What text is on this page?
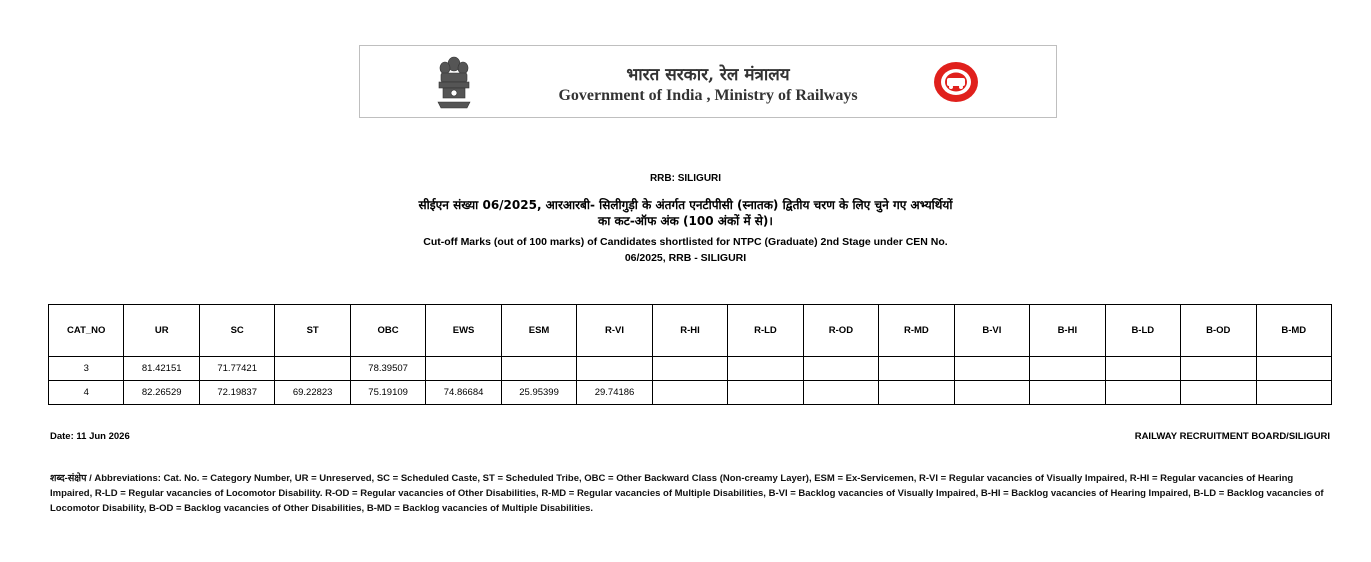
भारत सरकार, रेल मंत्रालय
Government of India , Ministry of Railways
RRB: SILIGURI
सीईएन संख्या 06/2025, आरआरबी- सिलीगुड़ी के अंतर्गत एनटीपीसी (स्नातक) द्वितीय चरण के लिए चुने गए अभ्यर्थियों
का कट-ऑफ अंक (100 अंकों में से)।
Cut-off Marks (out of 100 marks) of Candidates shortlisted for NTPC (Graduate) 2nd Stage under CEN No.
06/2025, RRB - SILIGURI
CAT_NO	UR	SC	ST	OBC	EWS	ESM	R-VI	R-HI	R-LD	R-OD	R-MD	B-VI	B-HI	B-LD	B-OD	B-MD
3	81.42151	71.77421		78.39507												
4	82.26529	72.19837	69.22823	75.19109	74.86684	25.95399	29.74186									
Date: 11 Jun 2026	RAILWAY RECRUITMENT BOARD/SILIGURI
शब्द-संक्षेप / Abbreviations: Cat. No. = Category Number, UR = Unreserved, SC = Scheduled Caste, ST = Scheduled Tribe, OBC = Other Backward Class (Non-creamy Layer), ESM = Ex-Servicemen, R-VI = Regular vacancies of Visually Impaired, R-HI = Regular vacancies of Hearing Impaired, R-LD = Regular vacancies of Locomotor Disability. R-OD = Regular vacancies of Other Disabilities, R-MD = Regular vacancies of Multiple Disabilities, B-VI = Backlog vacancies of Visually Impaired, B-HI = Backlog vacancies of Hearing Impaired, B-LD = Backlog vacancies of Locomotor Disability, B-OD = Backlog vacancies of Other Disabilities, B-MD = Backlog vacancies of Multiple Disabilities.
